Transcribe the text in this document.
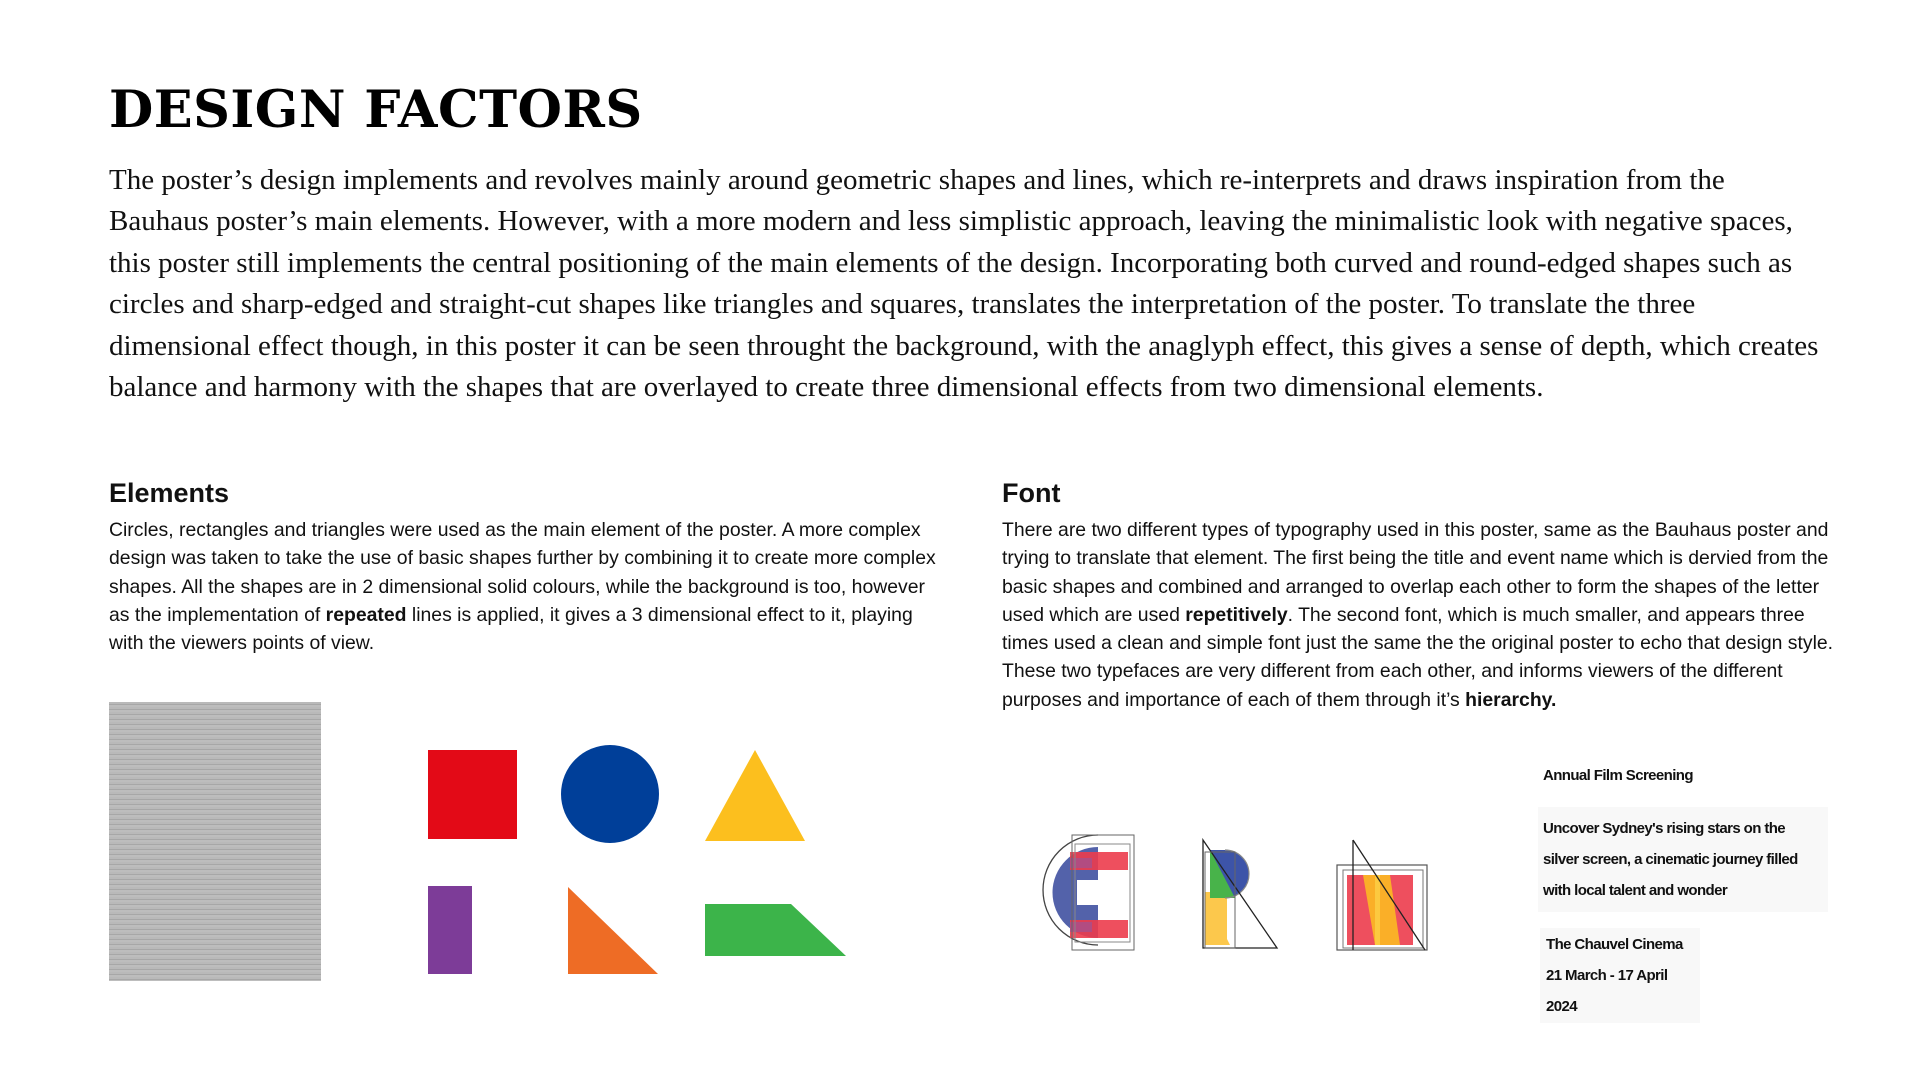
DESIGN FACTORS

The poster’s design implements and revolves mainly around geometric shapes and lines, which re-interprets and draws inspiration from the Bauhaus poster’s main elements. However, with a more modern and less simplistic approach, leaving the minimalistic look with negative spaces, this poster still implements the central positioning of the main elements of the design. Incorporating both curved and round-edged shapes such as circles and sharp-edged and straight-cut shapes like triangles and squares, translates the interpretation of the poster. To translate the three dimensional effect though, in this poster it can be seen throught the background, with the anaglyph effect, this gives a sense of depth, which creates balance and harmony with the shapes that are overlayed to create three dimensional effects from two dimensional elements.

Elements

Circles, rectangles and triangles were used as the main element of the poster. A more complex design was taken to take the use of basic shapes further by combining it to create more complex shapes. All the shapes are in 2 dimensional solid colours, while the background is too, however as the implementation of repeated lines is applied, it gives a 3 dimensional effect to it, playing with the viewers points of view.

Font

There are two different types of typography used in this poster, same as the Bauhaus poster and trying to translate that element. The first being the title and event name which is dervied from the basic shapes and combined and arranged to overlap each other to form the shapes of the letter used which are used repetitively. The second font, which is much smaller, and appears three times used a clean and simple font just the same the the original poster to echo that design style. These two typefaces are very different from each other, and informs viewers of the different purposes and importance of each of them through it’s hierarchy.

Annual Film Screening
Uncover Sydney's rising stars on the
silver screen, a cinematic journey filled
with local talent and wonder
The Chauvel Cinema
21 March - 17 April
2024
